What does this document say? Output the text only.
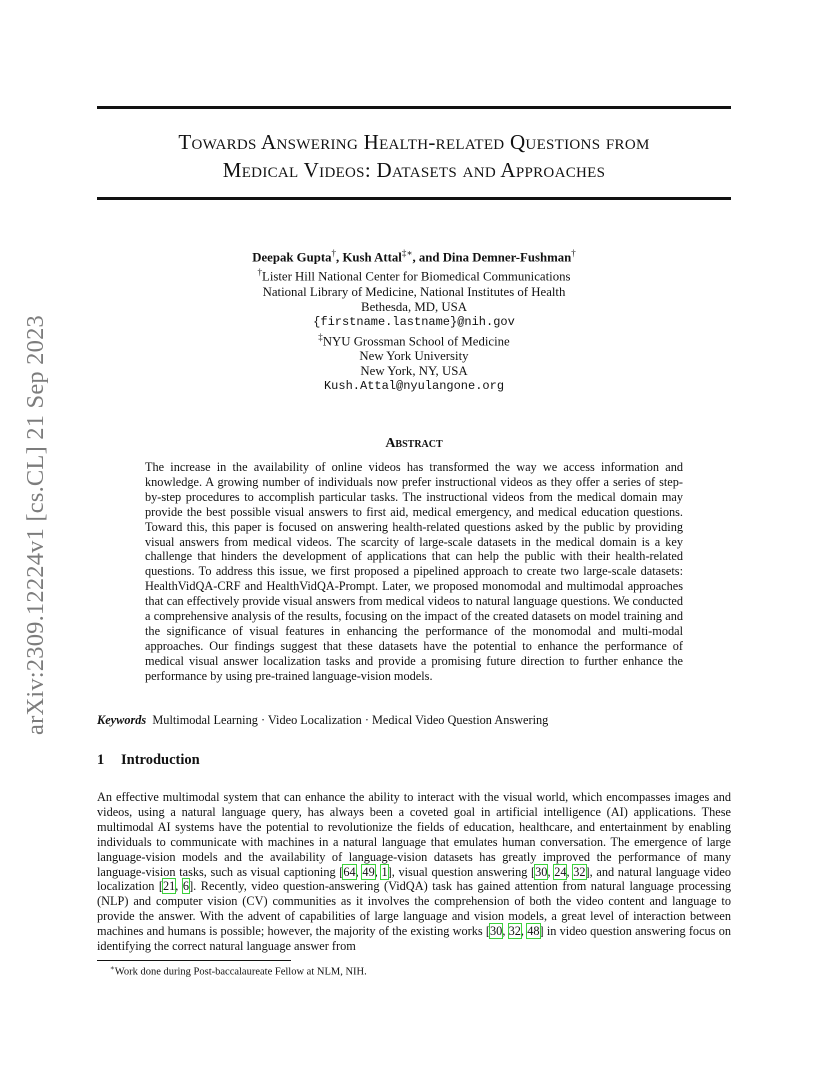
arXiv:2309.12224v1 [cs.CL] 21 Sep 2023
Towards Answering Health-related Questions from
Medical Videos: Datasets and Approaches
Deepak Gupta†, Kush Attal‡∗, and Dina Demner-Fushman†
†Lister Hill National Center for Biomedical Communications
National Library of Medicine, National Institutes of Health
Bethesda, MD, USA
{firstname.lastname}@nih.gov
‡NYU Grossman School of Medicine
New York University
New York, NY, USA
Kush.Attal@nyulangone.org
Abstract
The increase in the availability of online videos has transformed the way we access information and knowledge. A growing number of individuals now prefer instructional videos as they offer a series of step-by-step procedures to accomplish particular tasks. The instructional videos from the medical domain may provide the best possible visual answers to first aid, medical emergency, and medical education questions. Toward this, this paper is focused on answering health-related questions asked by the public by providing visual answers from medical videos. The scarcity of large-scale datasets in the medical domain is a key challenge that hinders the development of applications that can help the public with their health-related questions. To address this issue, we first proposed a pipelined approach to create two large-scale datasets: HealthVidQA-CRF and HealthVidQA-Prompt. Later, we proposed monomodal and multimodal approaches that can effectively provide visual answers from medical videos to natural language questions. We conducted a comprehensive analysis of the results, focusing on the impact of the created datasets on model training and the significance of visual features in enhancing the performance of the monomodal and multi-modal approaches. Our findings suggest that these datasets have the potential to enhance the performance of medical visual answer localization tasks and provide a promising future direction to further enhance the performance by using pre-trained language-vision models.
Keywords Multimodal Learning · Video Localization · Medical Video Question Answering
1 Introduction
An effective multimodal system that can enhance the ability to interact with the visual world, which encompasses images and videos, using a natural language query, has always been a coveted goal in artificial intelligence (AI) applications. These multimodal AI systems have the potential to revolutionize the fields of education, healthcare, and entertainment by enabling individuals to communicate with machines in a natural language that emulates human conversation. The emergence of large language-vision models and the availability of language-vision datasets has greatly improved the performance of many language-vision tasks, such as visual captioning [64, 49, 1], visual question answering [30, 24, 32], and natural language video localization [21, 6]. Recently, video question-answering (VidQA) task has gained attention from natural language processing (NLP) and computer vision (CV) communities as it involves the comprehension of both the video content and language to provide the answer. With the advent of capabilities of large language and vision models, a great level of interaction between machines and humans is possible; however, the majority of the existing works [30, 32, 48] in video question answering focus on identifying the correct natural language answer from
∗Work done during Post-baccalaureate Fellow at NLM, NIH.
